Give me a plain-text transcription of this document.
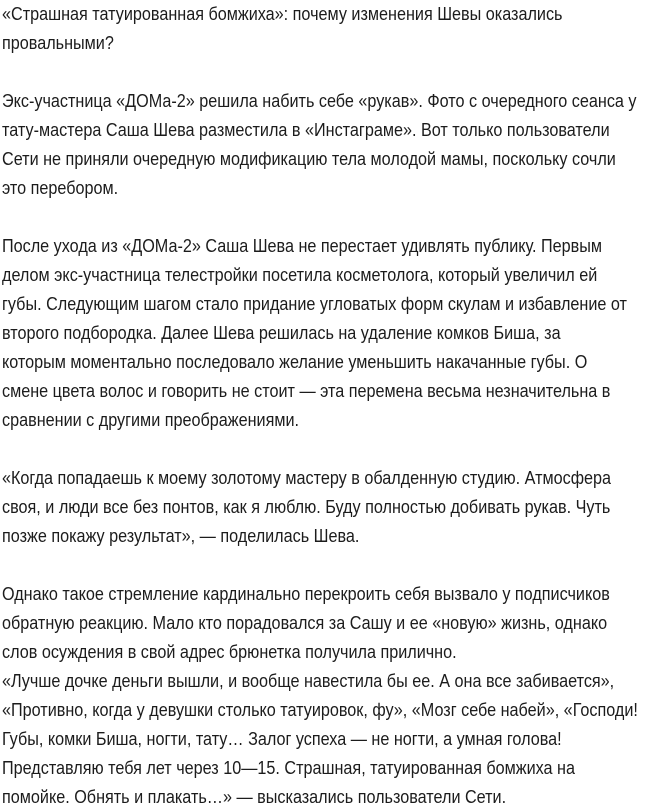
«Страшная татуированная бомжиха»: почему изменения Шевы оказались
провальными?
Экс-участница «ДОМа-2» решила набить себе «рукав». Фото с очередного сеанса у
тату-мастера Саша Шева разместила в «Инстаграме». Вот только пользователи
Сети не приняли очередную модификацию тела молодой мамы, поскольку сочли
это перебором.
После ухода из «ДОМа-2» Саша Шева не перестает удивлять публику. Первым
делом экс-участница телестройки посетила косметолога, который увеличил ей
губы. Следующим шагом стало придание угловатых форм скулам и избавление от
второго подбородка. Далее Шева решилась на удаление комков Биша, за
которым моментально последовало желание уменьшить накачанные губы. О
смене цвета волос и говорить не стоит — эта перемена весьма незначительна в
сравнении с другими преображениями.
«Когда попадаешь к моему золотому мастеру в обалденную студию. Атмосфера
своя, и люди все без понтов, как я люблю. Буду полностью добивать рукав. Чуть
позже покажу результат», — поделилась Шева.
Однако такое стремление кардинально перекроить себя вызвало у подписчиков
обратную реакцию. Мало кто порадовался за Сашу и ее «новую» жизнь, однако
слов осуждения в свой адрес брюнетка получила прилично.
«Лучше дочке деньги вышли, и вообще навестила бы ее. А она все забивается»,
«Противно, когда у девушки столько татуировок, фу», «Мозг себе набей», «Господи!
Губы, комки Биша, ногти, тату… Залог успеха — не ногти, а умная голова!
Представляю тебя лет через 10—15. Страшная, татуированная бомжиха на
помойке. Обнять и плакать…» — высказались пользователи Сети.
